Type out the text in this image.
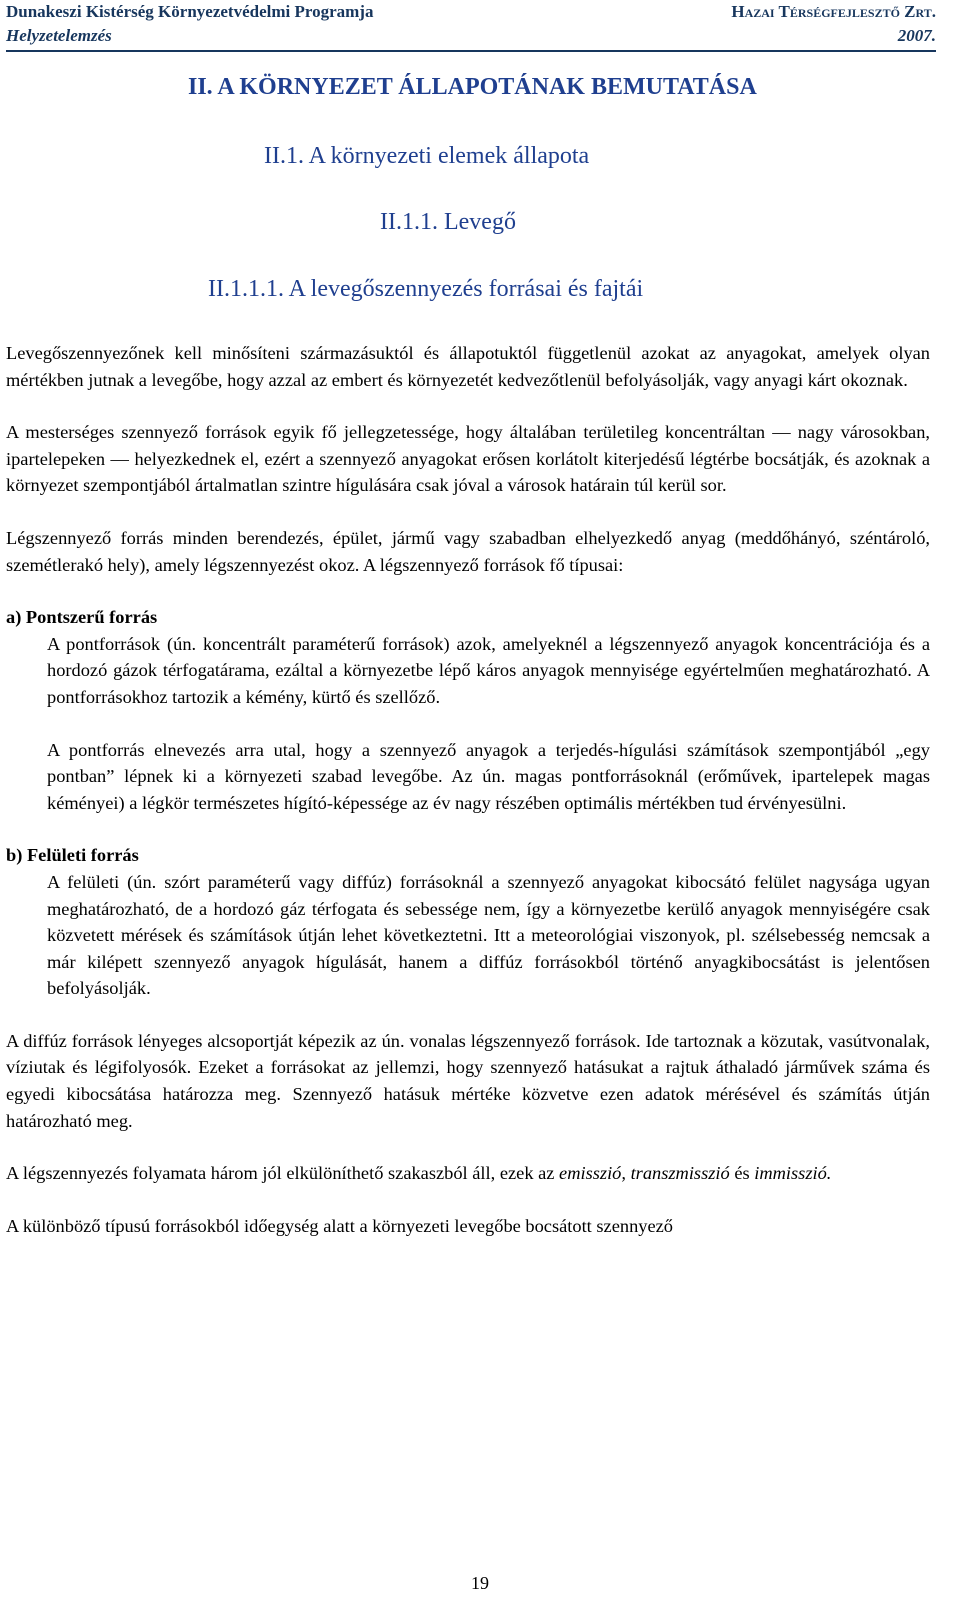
Dunakeszi Kistérség Környezetvédelmi Programja	Hazai Térségfejlesztő Zrt.
Helyzetelemzés	2007.
II. A KÖRNYEZET ÁLLAPOTÁNAK BEMUTATÁSA
II.1. A környezeti elemek állapota
II.1.1. Levegő
II.1.1.1. A levegőszennyezés forrásai és fajtái

Levegőszennyezőnek kell minősíteni származásuktól és állapotuktól függetlenül azokat az anyagokat, amelyek olyan mértékben jutnak a levegőbe, hogy azzal az embert és környezetét kedvezőtlenül befolyásolják, vagy anyagi kárt okoznak.

A mesterséges szennyező források egyik fő jellegzetessége, hogy általában területileg koncentráltan — nagy városokban, ipartelepeken — helyezkednek el, ezért a szennyező anyagokat erősen korlátolt kiterjedésű légtérbe bocsátják, és azoknak a környezet szempontjából ártalmatlan szintre hígulására csak jóval a városok határain túl kerül sor.

Légszennyező forrás minden berendezés, épület, jármű vagy szabadban elhelyezkedő anyag (meddőhányó, széntároló, szemétlerakó hely), amely légszennyezést okoz. A légszennyező források fő típusai:

a) Pontszerű forrás

A pontforrások (ún. koncentrált paraméterű források) azok, amelyeknél a légszennyező anyagok koncentrációja és a hordozó gázok térfogatárama, ezáltal a környezetbe lépő káros anyagok mennyisége egyértelműen meghatározható. A pontforrásokhoz tartozik a kémény, kürtő és szellőző.

A pontforrás elnevezés arra utal, hogy a szennyező anyagok a terjedés-hígulási számítások szempontjából „egy pontban” lépnek ki a környezeti szabad levegőbe. Az ún. magas pontforrásoknál (erőművek, ipartelepek magas kéményei) a légkör természetes hígító-képessége az év nagy részében optimális mértékben tud érvényesülni.

b) Felületi forrás

A felületi (ún. szórt paraméterű vagy diffúz) forrásoknál a szennyező anyagokat kibocsátó felület nagysága ugyan meghatározható, de a hordozó gáz térfogata és sebessége nem, így a környezetbe kerülő anyagok mennyiségére csak közvetett mérések és számítások útján lehet következtetni. Itt a meteorológiai viszonyok, pl. szélsebesség nemcsak a már kilépett szennyező anyagok hígulását, hanem a diffúz forrásokból történő anyagkibocsátást is jelentősen befolyásolják.

A diffúz források lényeges alcsoportját képezik az ún. vonalas légszennyező források. Ide tartoznak a közutak, vasútvonalak, víziutak és légifolyosók. Ezeket a forrásokat az jellemzi, hogy szennyező hatásukat a rajtuk áthaladó járművek száma és egyedi kibocsátása határozza meg. Szennyező hatásuk mértéke közvetve ezen adatok mérésével és számítás útján határozható meg.

A légszennyezés folyamata három jól elkülöníthető szakaszból áll, ezek az emisszió, transzmisszió és immisszió.

A különböző típusú forrásokból időegység alatt a környezeti levegőbe bocsátott szennyező

19
